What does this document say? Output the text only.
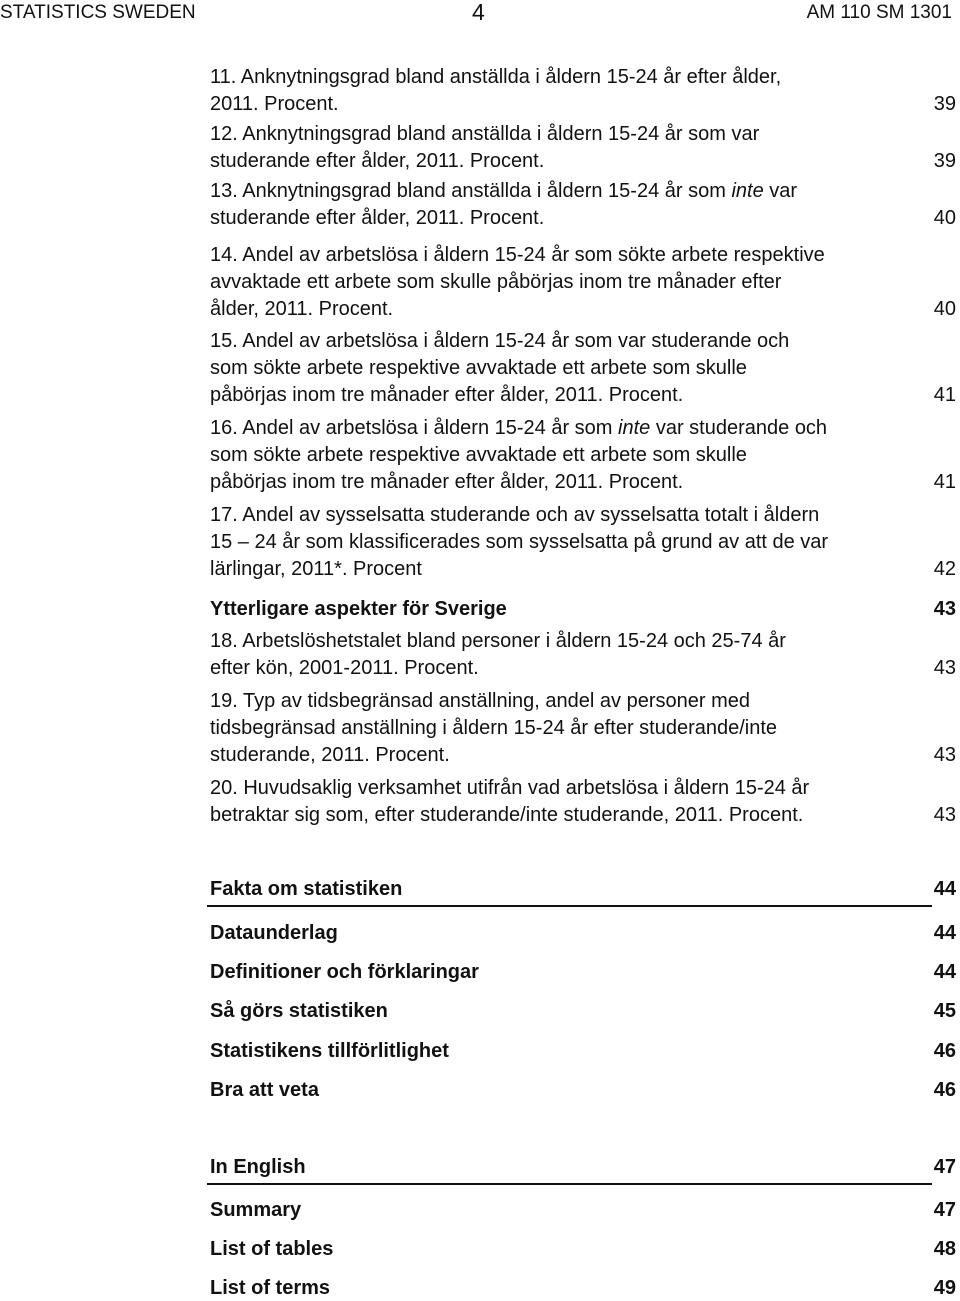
STATISTICS SWEDEN	4	AM 110 SM 1301
11. Anknytningsgrad bland anställda i åldern 15-24 år efter ålder,
2011. Procent.	39
12. Anknytningsgrad bland anställda i åldern 15-24 år som var
studerande efter ålder, 2011. Procent.	39
13. Anknytningsgrad bland anställda i åldern 15-24 år som inte var
studerande efter ålder, 2011. Procent.	40
14. Andel av arbetslösa i åldern 15-24 år som sökte arbete respektive
avvaktade ett arbete som skulle påbörjas inom tre månader efter
ålder, 2011. Procent.	40
15. Andel av arbetslösa i åldern 15-24 år som var studerande och
som sökte arbete respektive avvaktade ett arbete som skulle
påbörjas inom tre månader efter ålder, 2011. Procent.	41
16. Andel av arbetslösa i åldern 15-24 år som inte var studerande och
som sökte arbete respektive avvaktade ett arbete som skulle
påbörjas inom tre månader efter ålder, 2011. Procent.	41
17. Andel av sysselsatta studerande och av sysselsatta totalt i åldern
15 – 24 år som klassificerades som sysselsatta på grund av att de var
lärlingar, 2011*. Procent	42
Ytterligare aspekter för Sverige	43
18. Arbetslöshetstalet bland personer i åldern 15-24 och 25-74 år
efter kön, 2001-2011. Procent.	43
19. Typ av tidsbegränsad anställning, andel av personer med
tidsbegränsad anställning i åldern 15-24 år efter studerande/inte
studerande, 2011. Procent.	43
20. Huvudsaklig verksamhet utifrån vad arbetslösa i åldern 15-24 år
betraktar sig som, efter studerande/inte studerande, 2011. Procent.	43
Fakta om statistiken	44
Dataunderlag	44
Definitioner och förklaringar	44
Så görs statistiken	45
Statistikens tillförlitlighet	46
Bra att veta	46
In English	47
Summary	47
List of tables	48
List of terms	49
